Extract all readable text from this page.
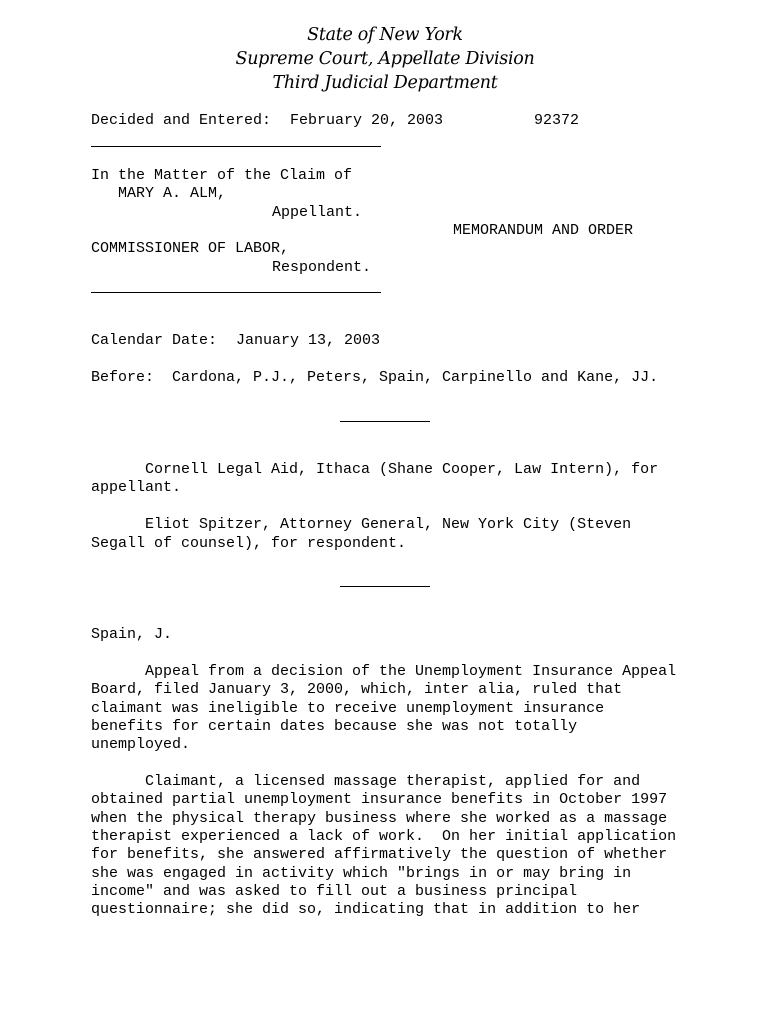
State of New York
Supreme Court, Appellate Division
Third Judicial Department
Decided and Entered: February 20, 2003	92372
In the Matter of the Claim of
MARY A. ALM,
Appellant.
MEMORANDUM AND ORDER
COMMISSIONER OF LABOR,
Respondent.
Calendar Date: January 13, 2003
Before: Cardona, P.J., Peters, Spain, Carpinello and Kane, JJ.
Cornell Legal Aid, Ithaca (Shane Cooper, Law Intern), for
appellant.
Eliot Spitzer, Attorney General, New York City (Steven
Segall of counsel), for respondent.
Spain, J.
Appeal from a decision of the Unemployment Insurance Appeal
Board, filed January 3, 2000, which, inter alia, ruled that
claimant was ineligible to receive unemployment insurance
benefits for certain dates because she was not totally
unemployed.
Claimant, a licensed massage therapist, applied for and
obtained partial unemployment insurance benefits in October 1997
when the physical therapy business where she worked as a massage
therapist experienced a lack of work.  On her initial application
for benefits, she answered affirmatively the question of whether
she was engaged in activity which "brings in or may bring in
income" and was asked to fill out a business principal
questionnaire; she did so, indicating that in addition to her
